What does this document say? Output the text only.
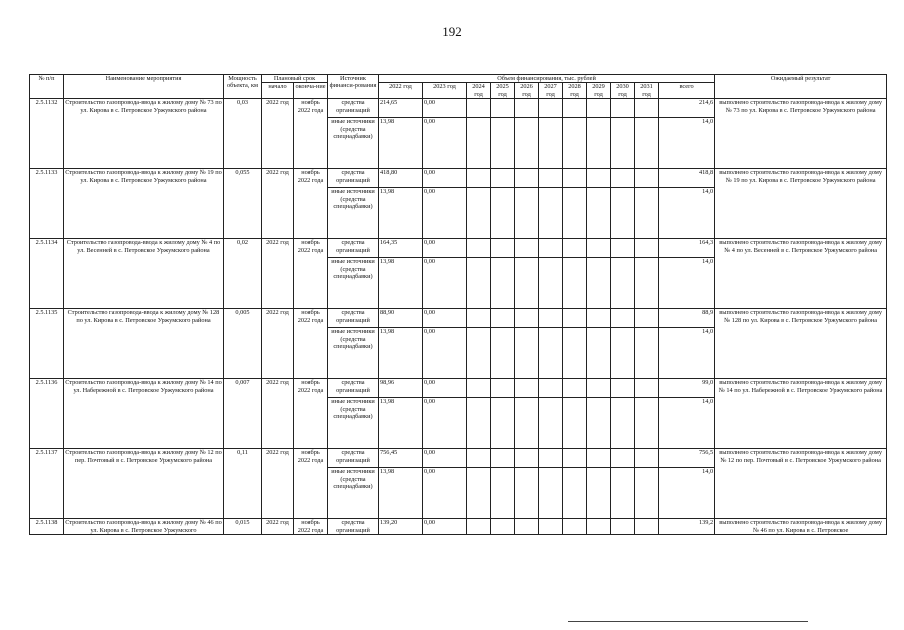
192
№ п/п	Наименование мероприятия	Мощность объекта, км	Плановый срок		Источник финанси-рования	Объем финансирования, тыс. рублей											Ожидаемый результат
			начало	оконча-ние		2022 год	2023 год	2024 год	2025 год	2026 год	2027 год	2028 год	2029 год	2030 год	2031 год	всего	
2.5.1132	Строительство газопровода-ввода к жилому дому № 73 по ул. Кирова в с. Петровское Уржумского района	0,03	2022 год	ноябрь 2022 года	средства организаций	214,65	0,00									214,6	выполнено строительство газопровода-ввода к жилому дому № 73 по ул. Кирова в с. Петровское Уржумского района
					иные источники (средства спецнадбавки)	13,98	0,00									14,0	
2.5.1133	Строительство газопровода-ввода к жилому дому № 19 по ул. Кирова в с. Петровское Уржумского района	0,055	2022 год	ноябрь 2022 года	средства организаций	418,80	0,00									418,8	выполнено строительство газопровода-ввода к жилому дому № 19 по ул. Кирова в с. Петровское Уржумского района
					иные источники (средства спецнадбавки)	13,98	0,00									14,0	
2.5.1134	Строительство газопровода-ввода к жилому дому № 4 по ул. Весенней в с. Петровское Уржумского района	0,02	2022 год	ноябрь 2022 года	средства организаций	164,35	0,00									164,3	выполнено строительство газопровода-ввода к жилому дому № 4 по ул. Весенней в с. Петровское Уржумского района
					иные источники (средства спецнадбавки)	13,98	0,00									14,0	
2.5.1135	Строительство газопровода-ввода к жилому дому № 128 по ул. Кирова в с. Петровское Уржумского района	0,005	2022 год	ноябрь 2022 года	средства организаций	88,90	0,00									88,9	выполнено строительство газопровода-ввода к жилому дому № 128 по ул. Кирова в с. Петровское Уржумского района
					иные источники (средства спецнадбавки)	13,98	0,00									14,0	
2.5.1136	Строительство газопровода-ввода к жилому дому № 14 по ул. Набережной в с. Петровское Уржумского района	0,007	2022 год	ноябрь 2022 года	средства организаций	98,96	0,00									99,0	выполнено строительство газопровода-ввода к жилому дому № 14 по ул. Набережной в с. Петровское Уржумского района
					иные источники (средства спецнадбавки)	13,98	0,00									14,0	
2.5.1137	Строительство газопровода-ввода к жилому дому № 12 по пер. Почтовый в с. Петровское Уржумского района	0,11	2022 год	ноябрь 2022 года	средства организаций	756,45	0,00									756,5	выполнено строительство газопровода-ввода к жилому дому № 12 по пер. Почтовый в с. Петровское Уржумского района
					иные источники (средства спецнадбавки)	13,98	0,00									14,0	
2.5.1138	Строительство газопровода-ввода к жилому дому № 46 по ул. Кирова в с. Петровское Уржумского	0,015	2022 год	ноябрь 2022 года	средства организаций	139,20	0,00									139,2	выполнено строительство газопровода-ввода к жилому дому № 46 по ул. Кирова в с. Петровское
